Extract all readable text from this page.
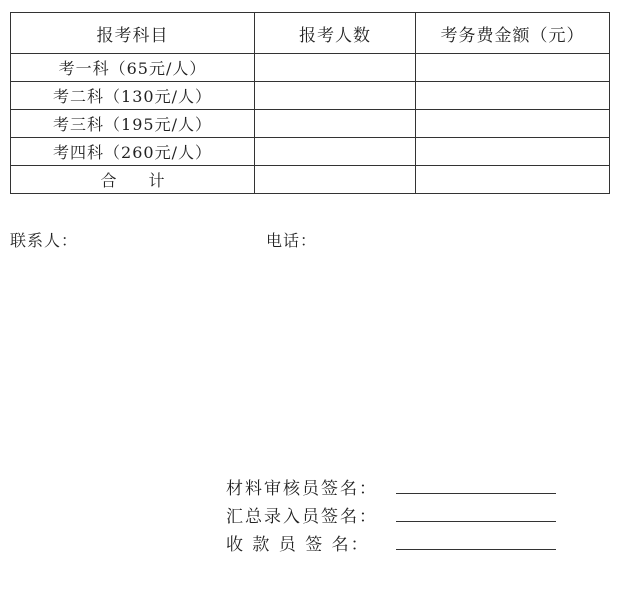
报考科目	报考人数	考务费金额（元）
考一科（65元/人）		
考二科（130元/人）		
考三科（195元/人）		
考四科（260元/人）		
合　　计		
联系人：	电话：
材料审核员签名：
汇总录入员签名：
收 款 员 签 名：
